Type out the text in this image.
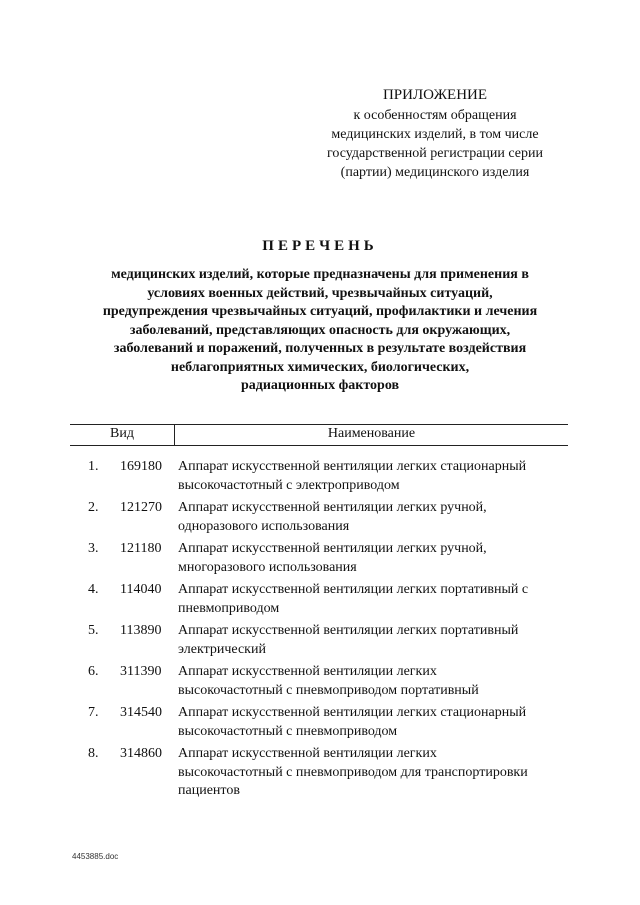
ПРИЛОЖЕНИЕ
к особенностям обращения
медицинских изделий, в том числе
государственной регистрации серии
(партии) медицинского изделия
ПЕРЕЧЕНЬ
медицинских изделий, которые предназначены для применения в
условиях военных действий, чрезвычайных ситуаций,
предупреждения чрезвычайных ситуаций, профилактики и лечения
заболеваний, представляющих опасность для окружающих,
заболеваний и поражений, полученных в результате воздействия
неблагоприятных химических, биологических,
радиационных факторов
Вид	Наименование
1.	169180	Аппарат искусственной вентиляции легких стационарный
высокочастотный с электроприводом
2.	121270	Аппарат искусственной вентиляции легких ручной,
одноразового использования
3.	121180	Аппарат искусственной вентиляции легких ручной,
многоразового использования
4.	114040	Аппарат искусственной вентиляции легких портативный с
пневмоприводом
5.	113890	Аппарат искусственной вентиляции легких портативный
электрический
6.	311390	Аппарат искусственной вентиляции легких
высокочастотный с пневмоприводом портативный
7.	314540	Аппарат искусственной вентиляции легких стационарный
высокочастотный с пневмоприводом
8.	314860	Аппарат искусственной вентиляции легких
высокочастотный с пневмоприводом для транспортировки
пациентов
4453885.doc
